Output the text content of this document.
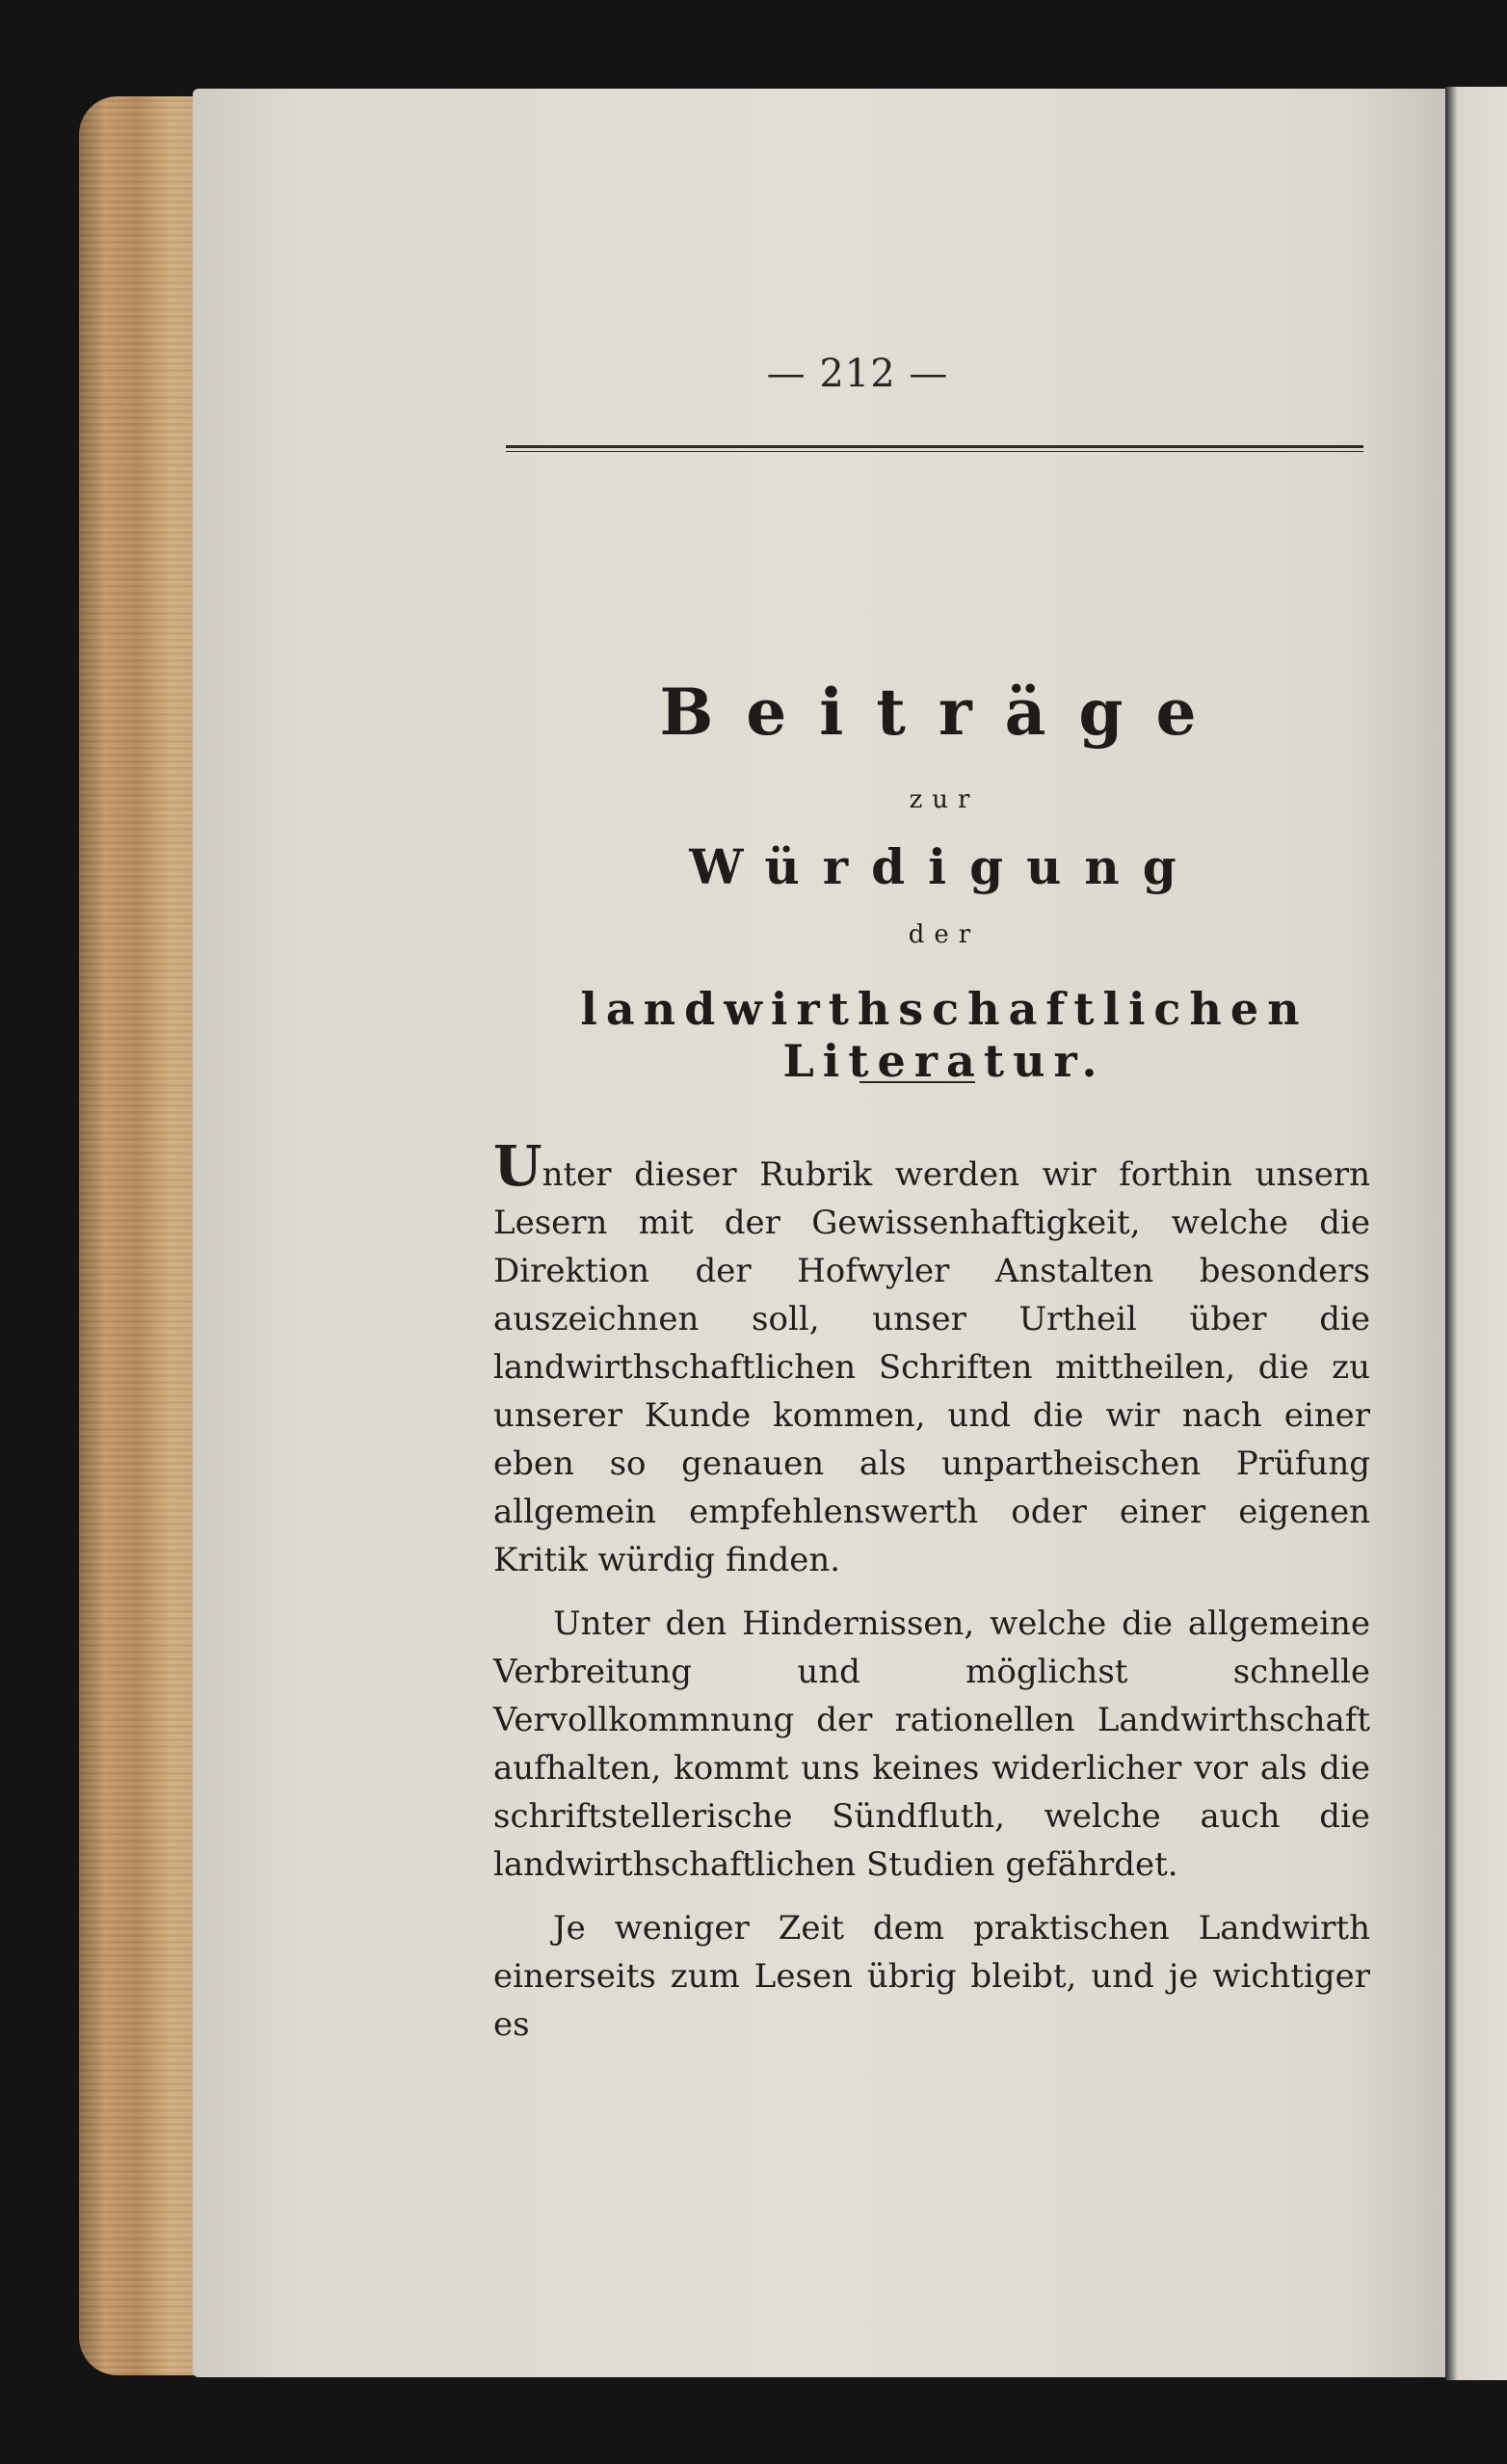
— 212 —
Beiträge
zur
Würdigung
der
landwirthschaftlichen Literatur.

Unter dieser Rubrik werden wir forthin unsern Lesern mit der Gewissenhaftigkeit, welche die Direktion der Hofwyler Anstalten besonders auszeichnen soll, unser Urtheil über die landwirthschaftlichen Schriften mittheilen, die zu unserer Kunde kommen, und die wir nach einer eben so genauen als unpartheischen Prüfung allgemein empfehlenswerth oder einer eigenen Kritik würdig finden.

Unter den Hindernissen, welche die allgemeine Verbreitung und möglichst schnelle Vervollkommnung der rationellen Landwirthschaft aufhalten, kommt uns keines widerlicher vor als die schriftstellerische Sündfluth, welche auch die landwirthschaftlichen Studien gefährdet.

Je weniger Zeit dem praktischen Landwirth einerseits zum Lesen übrig bleibt, und je wichtiger es
